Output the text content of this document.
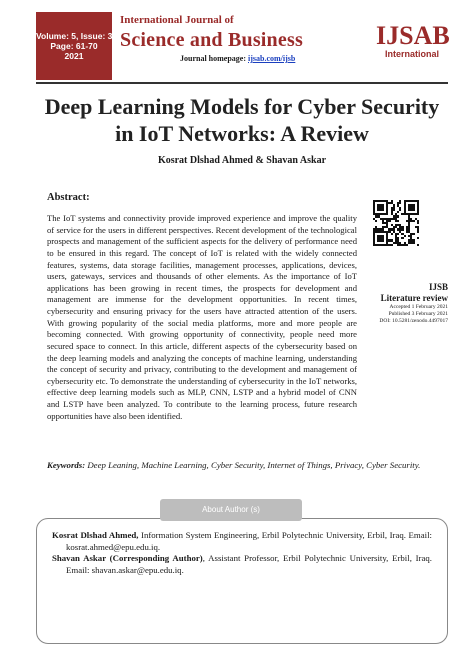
Volume: 5, Issue: 3
Page: 61-70
2021
International Journal of
Science and Business
Journal homepage: ijsab.com/ijsb
IJSAB
International
Deep Learning Models for Cyber Security in IoT Networks: A Review
Kosrat Dlshad Ahmed & Shavan Askar
Abstract:
The IoT systems and connectivity provide improved experience and improve the quality of service for the users in different perspectives. Recent development of the technological prospects and management of the sufficient aspects for the delivery of performance need to be ensured in this regard. The concept of IoT is related with the widely connected features, systems, data storage facilities, management processes, applications, devices, users, gateways, services and thousands of other elements. As the importance of IoT applications has been growing in recent times, the prospects for development and management are immense for the development opportunities. In recent times, cybersecurity and ensuring privacy for the users have attracted attention of the users. With growing popularity of the social media platforms, more and more people are becoming connected. With growing opportunity of connectivity, people need more secured space to connect. In this article, different aspects of the cybersecurity based on the deep learning models and analyzing the concepts of machine learning, understanding the concept of security and privacy, contributing to the development and management of cybersecurity etc. To demonstrate the understanding of cybersecurity in the IoT networks, effective deep learning models such as MLP, CNN, LSTP and a hybrid model of CNN and LSTP have been analyzed. To contribute to the learning process, future research opportunities have also been identified.
IJSB
Literature review
Accepted 1 February 2021
Published 3 February 2021
DOI: 10.5281/zenodo.4497017
Keywords: Deep Leaning, Machine Learning, Cyber Security, Internet of Things, Privacy, Cyber Security.
About Author (s)

Kosrat Dlshad Ahmed, Information System Engineering, Erbil Polytechnic University, Erbil, Iraq. Email: kosrat.ahmed@epu.edu.iq.

Shavan Askar (Corresponding Author), Assistant Professor, Erbil Polytechnic University, Erbil, Iraq. Email: shavan.askar@epu.edu.iq.
